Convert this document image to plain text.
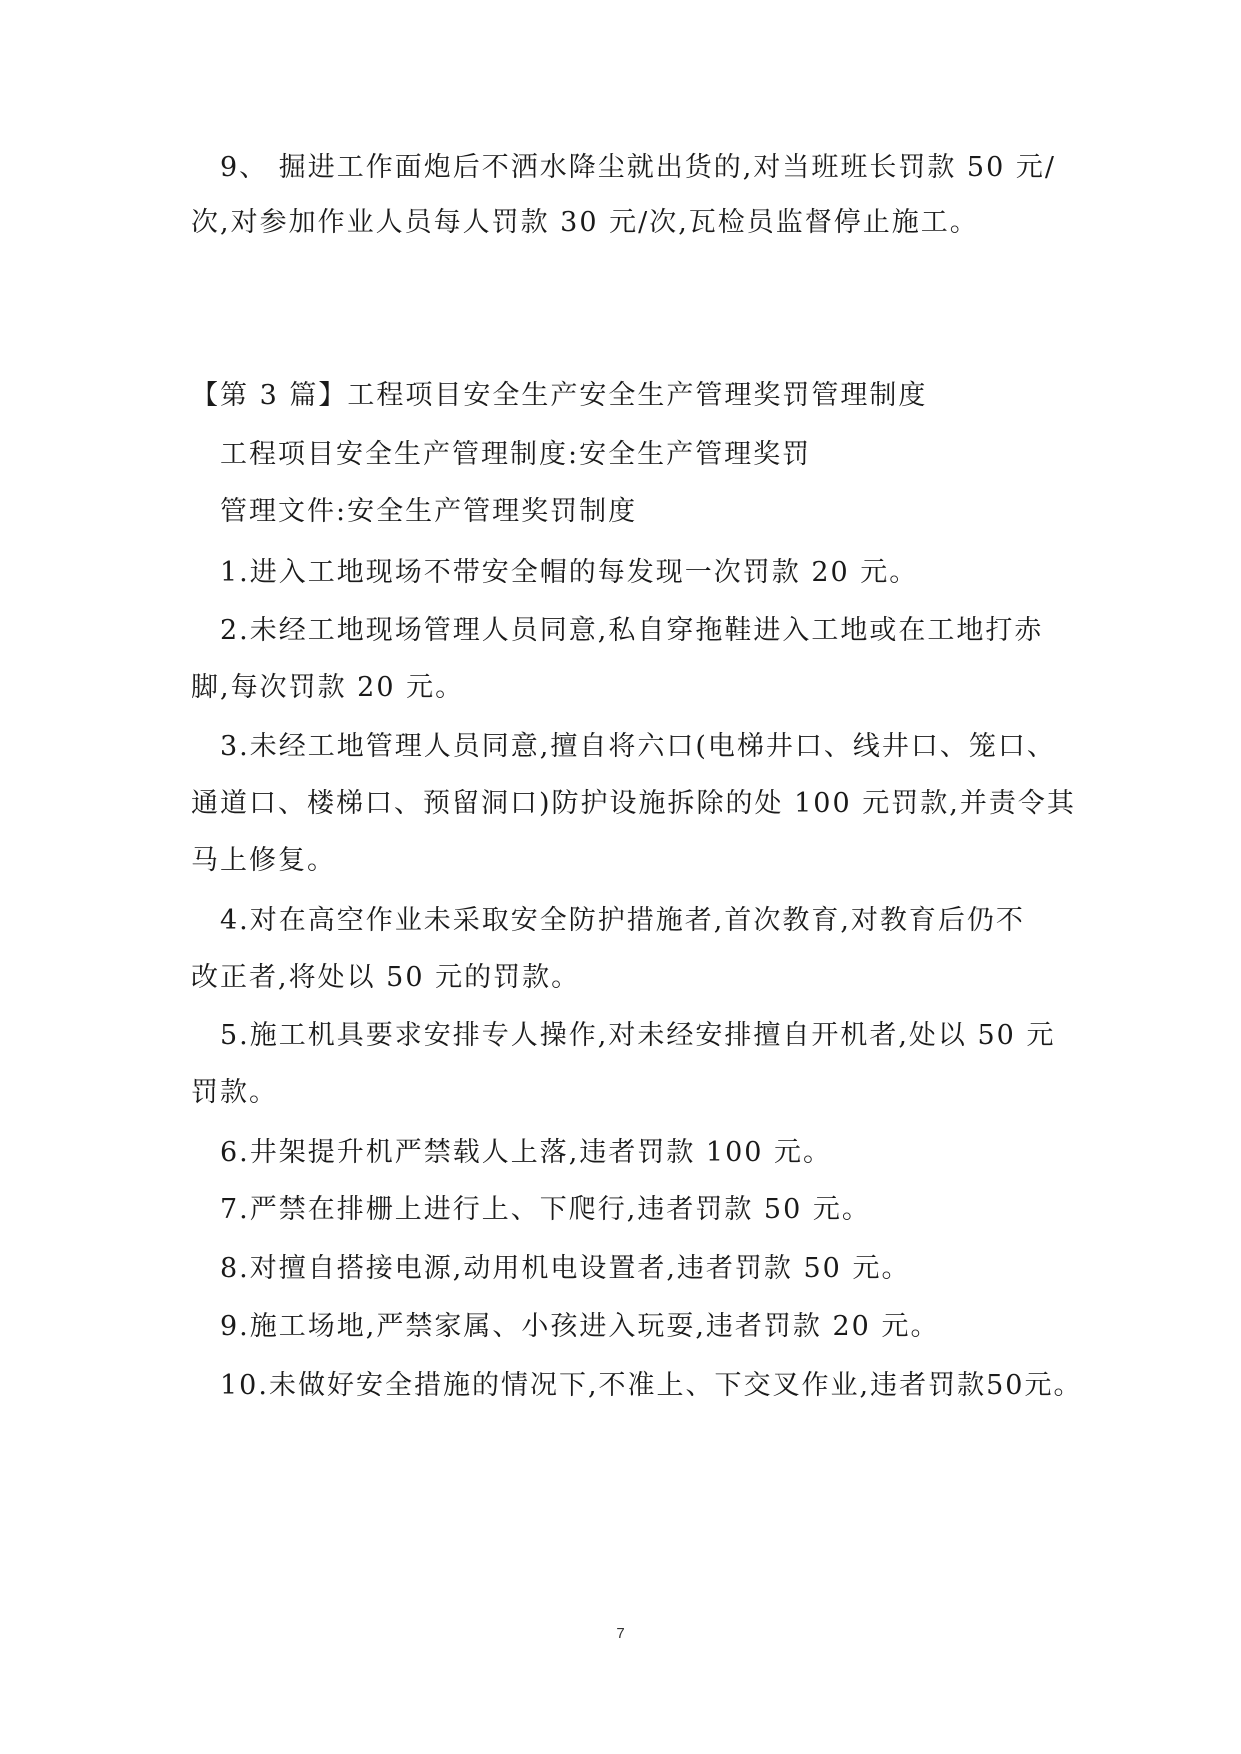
9、 掘进工作面炮后不洒水降尘就出货的,对当班班长罚款 50 元/
次,对参加作业人员每人罚款 30 元/次,瓦检员监督停止施工。
【第 3 篇】工程项目安全生产安全生产管理奖罚管理制度
工程项目安全生产管理制度:安全生产管理奖罚
管理文件:安全生产管理奖罚制度
1.进入工地现场不带安全帽的每发现一次罚款 20 元。
2.未经工地现场管理人员同意,私自穿拖鞋进入工地或在工地打赤
脚,每次罚款 20 元。
3.未经工地管理人员同意,擅自将六口(电梯井口、线井口、笼口、
通道口、楼梯口、预留洞口)防护设施拆除的处 100 元罚款,并责令其
马上修复。
4.对在高空作业未采取安全防护措施者,首次教育,对教育后仍不
改正者,将处以 50 元的罚款。
5.施工机具要求安排专人操作,对未经安排擅自开机者,处以 50 元
罚款。
6.井架提升机严禁载人上落,违者罚款 100 元。
7.严禁在排栅上进行上、下爬行,违者罚款 50 元。
8.对擅自搭接电源,动用机电设置者,违者罚款 50 元。
9.施工场地,严禁家属、小孩进入玩耍,违者罚款 20 元。
10.未做好安全措施的情况下,不准上、下交叉作业,违者罚款50元。
7
